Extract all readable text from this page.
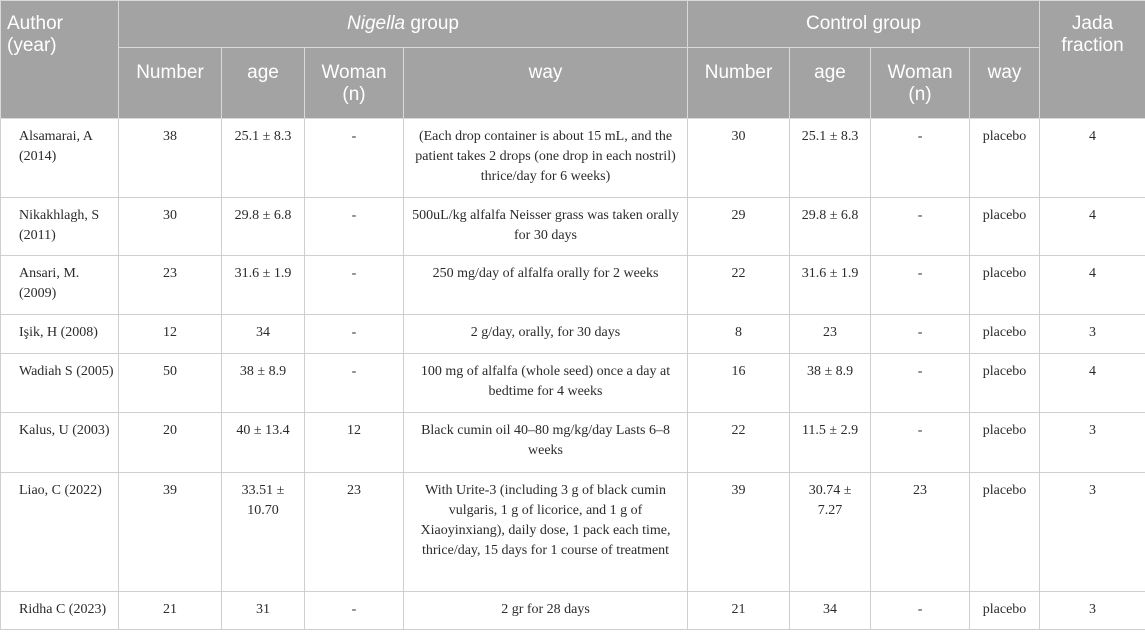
Author (year)	Nigella group				Control group				Jada fraction
	Number	age	Woman (n)	way	Number	age	Woman (n)	way	
Alsamarai, A (2014)	38	25.1 ± 8.3	-	(Each drop container is about 15 mL, and the patient takes 2 drops (one drop in each nostril) thrice/day for 6 weeks)	30	25.1 ± 8.3	-	placebo	4
Nikakhlagh, S (2011)	30	29.8 ± 6.8	-	500uL/kg alfalfa Neisser grass was taken orally for 30 days	29	29.8 ± 6.8	-	placebo	4
Ansari, M. (2009)	23	31.6 ± 1.9	-	250 mg/day of alfalfa orally for 2 weeks	22	31.6 ± 1.9	-	placebo	4
Işik, H (2008)	12	34	-	2 g/day, orally, for 30 days	8	23	-	placebo	3
Wadiah S (2005)	50	38 ± 8.9	-	100 mg of alfalfa (whole seed) once a day at bedtime for 4 weeks	16	38 ± 8.9	-	placebo	4
Kalus, U (2003)	20	40 ± 13.4	12	Black cumin oil 40–80 mg/kg/day Lasts 6–8 weeks	22	11.5 ± 2.9	-	placebo	3
Liao, C (2022)	39	33.51 ± 10.70	23	With Urite-3 (including 3 g of black cumin vulgaris, 1 g of licorice, and 1 g of Xiaoyinxiang), daily dose, 1 pack each time, thrice/day, 15 days for 1 course of treatment	39	30.74 ± 7.27	23	placebo	3
Ridha C (2023)	21	31	-	2 gr for 28 days	21	34	-	placebo	3
